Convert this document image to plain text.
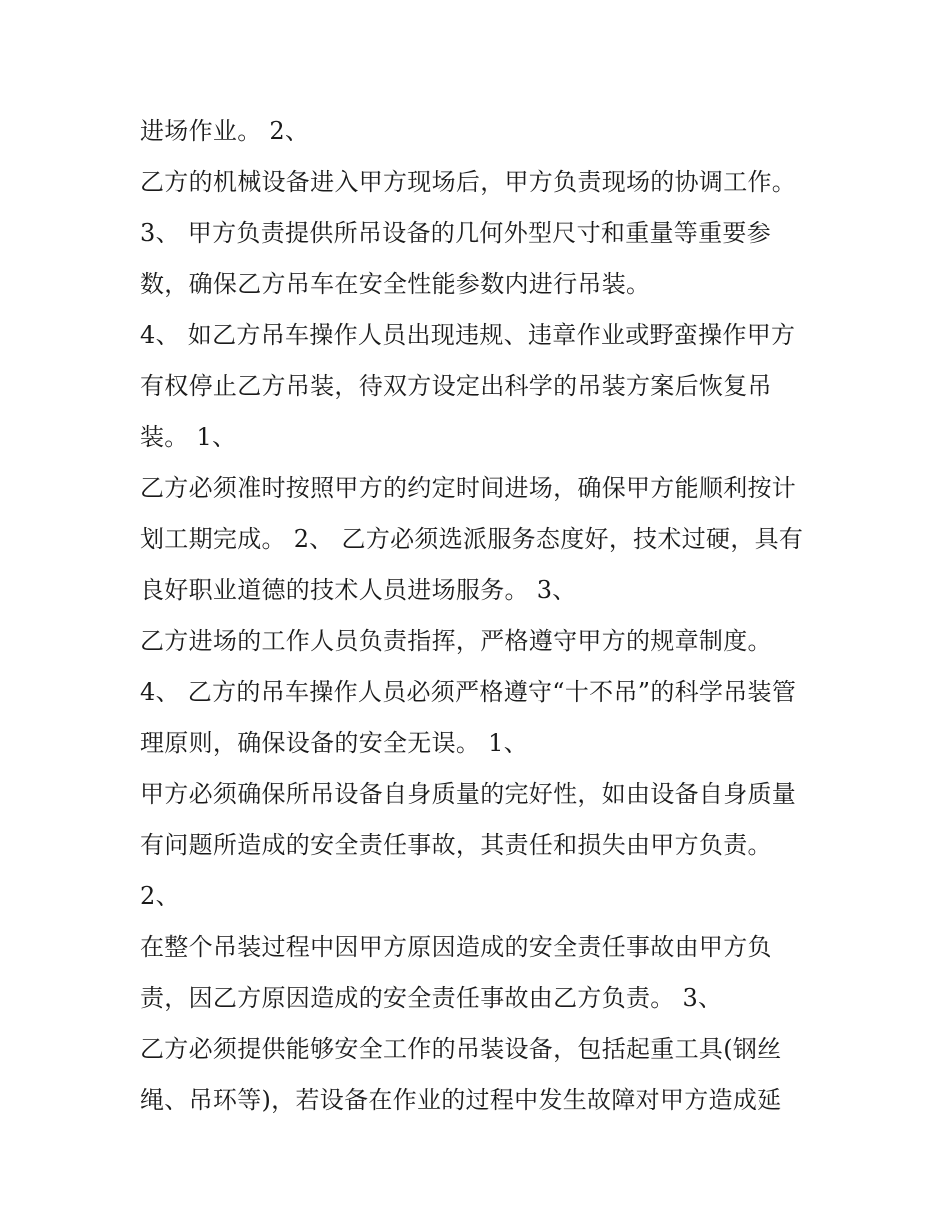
进场作业。 2、
乙方的机械设备进入甲方现场后，甲方负责现场的协调工作。
3、 甲方负责提供所吊设备的几何外型尺寸和重量等重要参
数，确保乙方吊车在安全性能参数内进行吊装。
4、 如乙方吊车操作人员出现违规、违章作业或野蛮操作甲方
有权停止乙方吊装，待双方设定出科学的吊装方案后恢复吊
装。 1、
乙方必须准时按照甲方的约定时间进场，确保甲方能顺利按计
划工期完成。 2、 乙方必须选派服务态度好，技术过硬，具有
良好职业道德的技术人员进场服务。 3、
乙方进场的工作人员负责指挥，严格遵守甲方的规章制度。
4、 乙方的吊车操作人员必须严格遵守“十不吊”的科学吊装管
理原则，确保设备的安全无误。 1、
甲方必须确保所吊设备自身质量的完好性，如由设备自身质量
有问题所造成的安全责任事故，其责任和损失由甲方负责。
2、
在整个吊装过程中因甲方原因造成的安全责任事故由甲方负
责，因乙方原因造成的安全责任事故由乙方负责。 3、
乙方必须提供能够安全工作的吊装设备，包括起重工具(钢丝
绳、吊环等)，若设备在作业的过程中发生故障对甲方造成延
